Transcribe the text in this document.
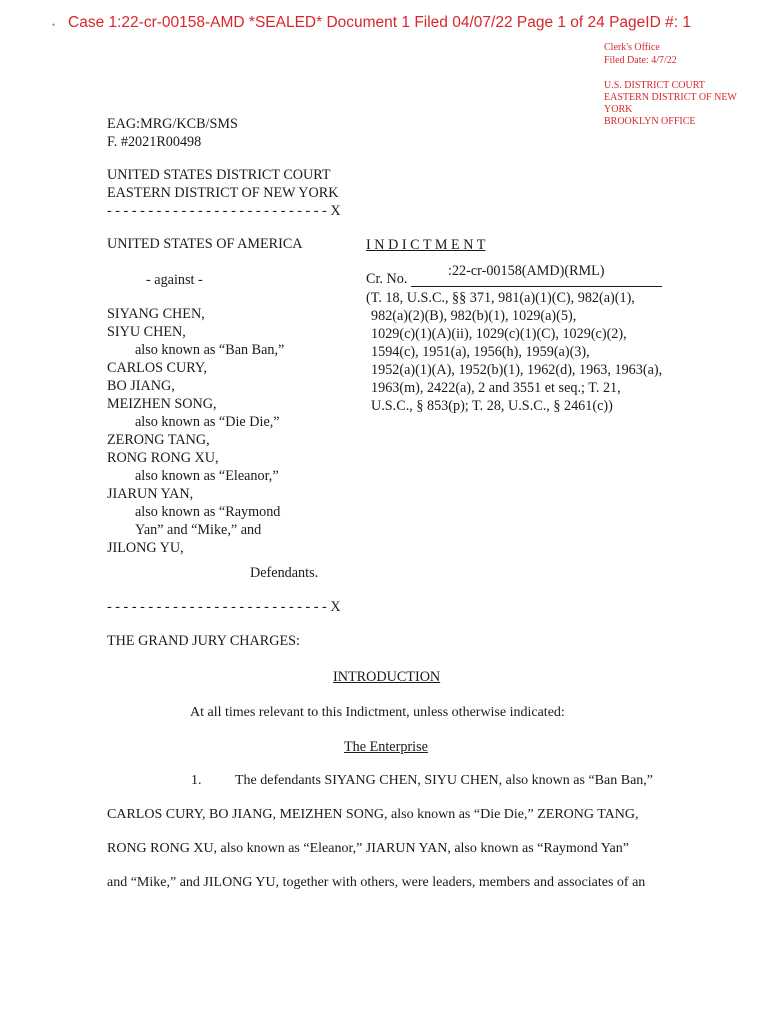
• Case 1:22-cr-00158-AMD *SEALED* Document 1 Filed 04/07/22 Page 1 of 24 PageID #: 1
Clerk's Office
Filed Date: 4/7/22
U.S. DISTRICT COURT
EASTERN DISTRICT OF NEW
YORK
BROOKLYN OFFICE
EAG:MRG/KCB/SMS
F. #2021R00498
UNITED STATES DISTRICT COURT
EASTERN DISTRICT OF NEW YORK
- - - - - - - - - - - - - - - - - - - - - - - - - - - X
UNITED STATES OF AMERICA
- against -
SIYANG CHEN,
SIYU CHEN,
also known as “Ban Ban,”
CARLOS CURY,
BO JIANG,
MEIZHEN SONG,
also known as “Die Die,”
ZERONG TANG,
RONG RONG XU,
also known as “Eleanor,”
JIARUN YAN,
also known as “Raymond
Yan” and “Mike,” and
JILONG YU,
Defendants.
- - - - - - - - - - - - - - - - - - - - - - - - - - - X
I N D I C T M E N T
Cr. No.	:22-cr-00158(AMD)(RML)
(T. 18, U.S.C., §§ 371, 981(a)(1)(C), 982(a)(1),
982(a)(2)(B), 982(b)(1), 1029(a)(5),
1029(c)(1)(A)(ii), 1029(c)(1)(C), 1029(c)(2),
1594(c), 1951(a), 1956(h), 1959(a)(3),
1952(a)(1)(A), 1952(b)(1), 1962(d), 1963, 1963(a),
1963(m), 2422(a), 2 and 3551 et seq.; T. 21,
U.S.C., § 853(p); T. 28, U.S.C., § 2461(c))
THE GRAND JURY CHARGES:
INTRODUCTION
At all times relevant to this Indictment, unless otherwise indicated:
The Enterprise
1. The defendants SIYANG CHEN, SIYU CHEN, also known as “Ban Ban,”
CARLOS CURY, BO JIANG, MEIZHEN SONG, also known as “Die Die,” ZERONG TANG,
RONG RONG XU, also known as “Eleanor,” JIARUN YAN, also known as “Raymond Yan”
and “Mike,” and JILONG YU, together with others, were leaders, members and associates of an
